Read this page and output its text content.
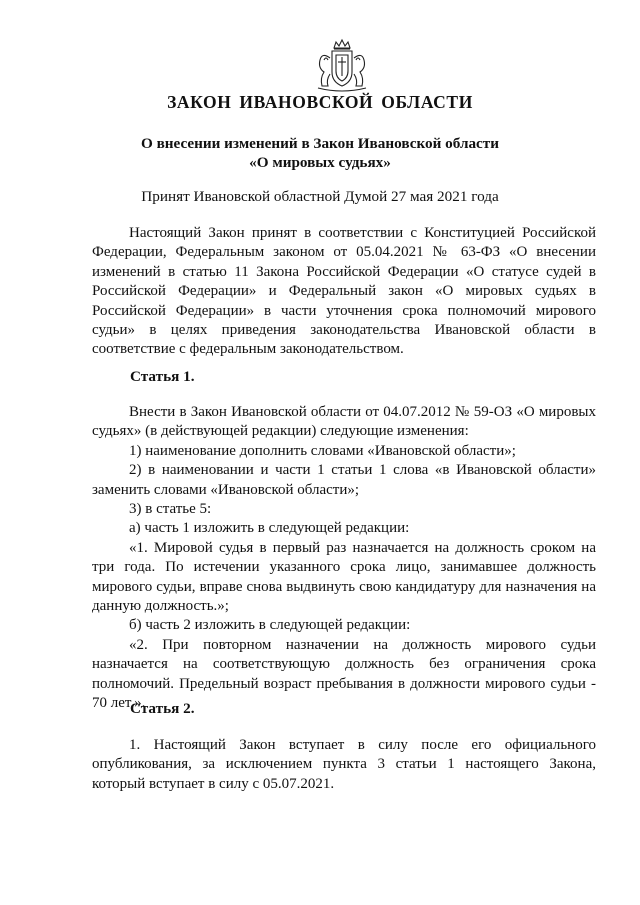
ЗАКОН ИВАНОВСКОЙ ОБЛАСТИ
О внесении изменений в Закон Ивановской области
«О мировых судьях»
Принят Ивановской областной Думой 27 мая 2021 года

Настоящий Закон принят в соответствии с Конституцией Российской Федерации, Федеральным законом от 05.04.2021 № 63-ФЗ «О внесении изменений в статью 11 Закона Российской Федерации «О статусе судей в Российской Федерации» и Федеральный закон «О мировых судьях в Российской Федерации» в части уточнения срока полномочий мирового судьи» в целях приведения законодательства Ивановской области в соответствие с федеральным законодательством.

Статья 1.

Внести в Закон Ивановской области от 04.07.2012 № 59-ОЗ «О мировых судьях» (в действующей редакции) следующие изменения:

1) наименование дополнить словами «Ивановской области»;

2) в наименовании и части 1 статьи 1 слова «в Ивановской области» заменить словами «Ивановской области»;

3) в статье 5:

а) часть 1 изложить в следующей редакции:

«1. Мировой судья в первый раз назначается на должность сроком на три года. По истечении указанного срока лицо, занимавшее должность мирового судьи, вправе снова выдвинуть свою кандидатуру для назначения на данную должность.»;

б) часть 2 изложить в следующей редакции:

«2. При повторном назначении на должность мирового судьи назначается на соответствующую должность без ограничения срока полномочий. Предельный возраст пребывания в должности мирового судьи - 70 лет.».

Статья 2.

1. Настоящий Закон вступает в силу после его официального опубликования, за исключением пункта 3 статьи 1 настоящего Закона, который вступает в силу с 05.07.2021.
